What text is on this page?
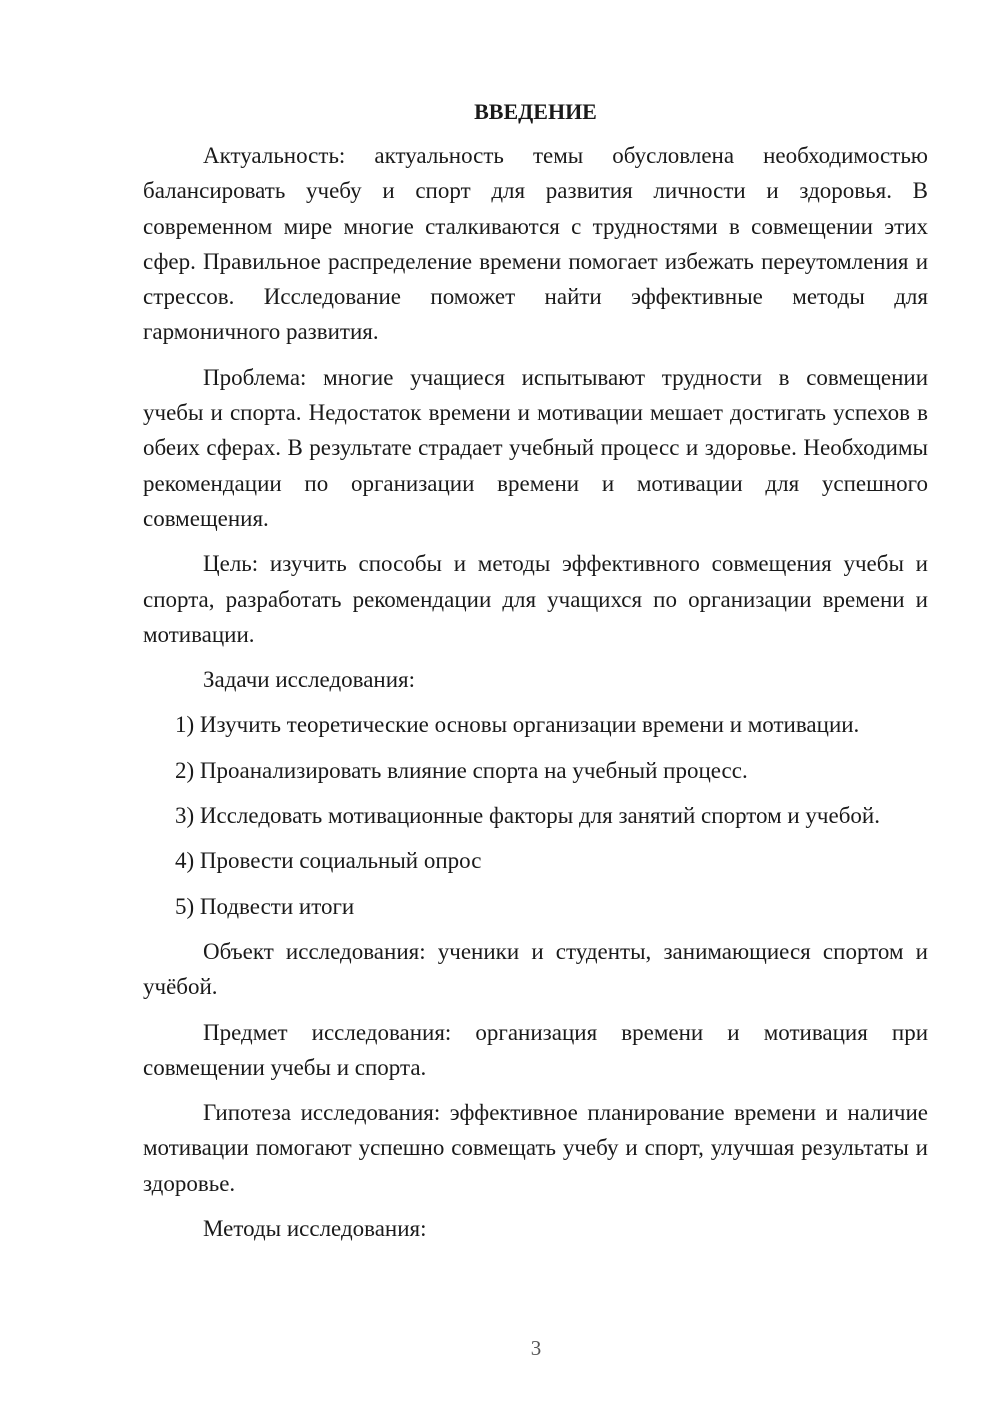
ВВЕДЕНИЕ

Актуальность: актуальность темы обусловлена необходимостью балансировать учебу и спорт для развития личности и здоровья. В современном мире многие сталкиваются с трудностями в совмещении этих сфер. Правильное распределение времени помогает избежать переутомления и стрессов. Исследование поможет найти эффективные методы для гармоничного развития.

Проблема: многие учащиеся испытывают трудности в совмещении учебы и спорта. Недостаток времени и мотивации мешает достигать успехов в обеих сферах. В результате страдает учебный процесс и здоровье. Необходимы рекомендации по организации времени и мотивации для успешного совмещения.

Цель: изучить способы и методы эффективного совмещения учебы и спорта, разработать рекомендации для учащихся по организации времени и мотивации.

Задачи исследования:

1) Изучить теоретические основы организации времени и мотивации.

2) Проанализировать влияние спорта на учебный процесс.

3) Исследовать мотивационные факторы для занятий спортом и учебой.

4) Провести социальный опрос

5) Подвести итоги

Объект исследования: ученики и студенты, занимающиеся спортом и учёбой.

Предмет исследования: организация времени и мотивация при совмещении учебы и спорта.

Гипотеза исследования: эффективное планирование времени и наличие мотивации помогают успешно совмещать учебу и спорт, улучшая результаты и здоровье.

Методы исследования:

3
